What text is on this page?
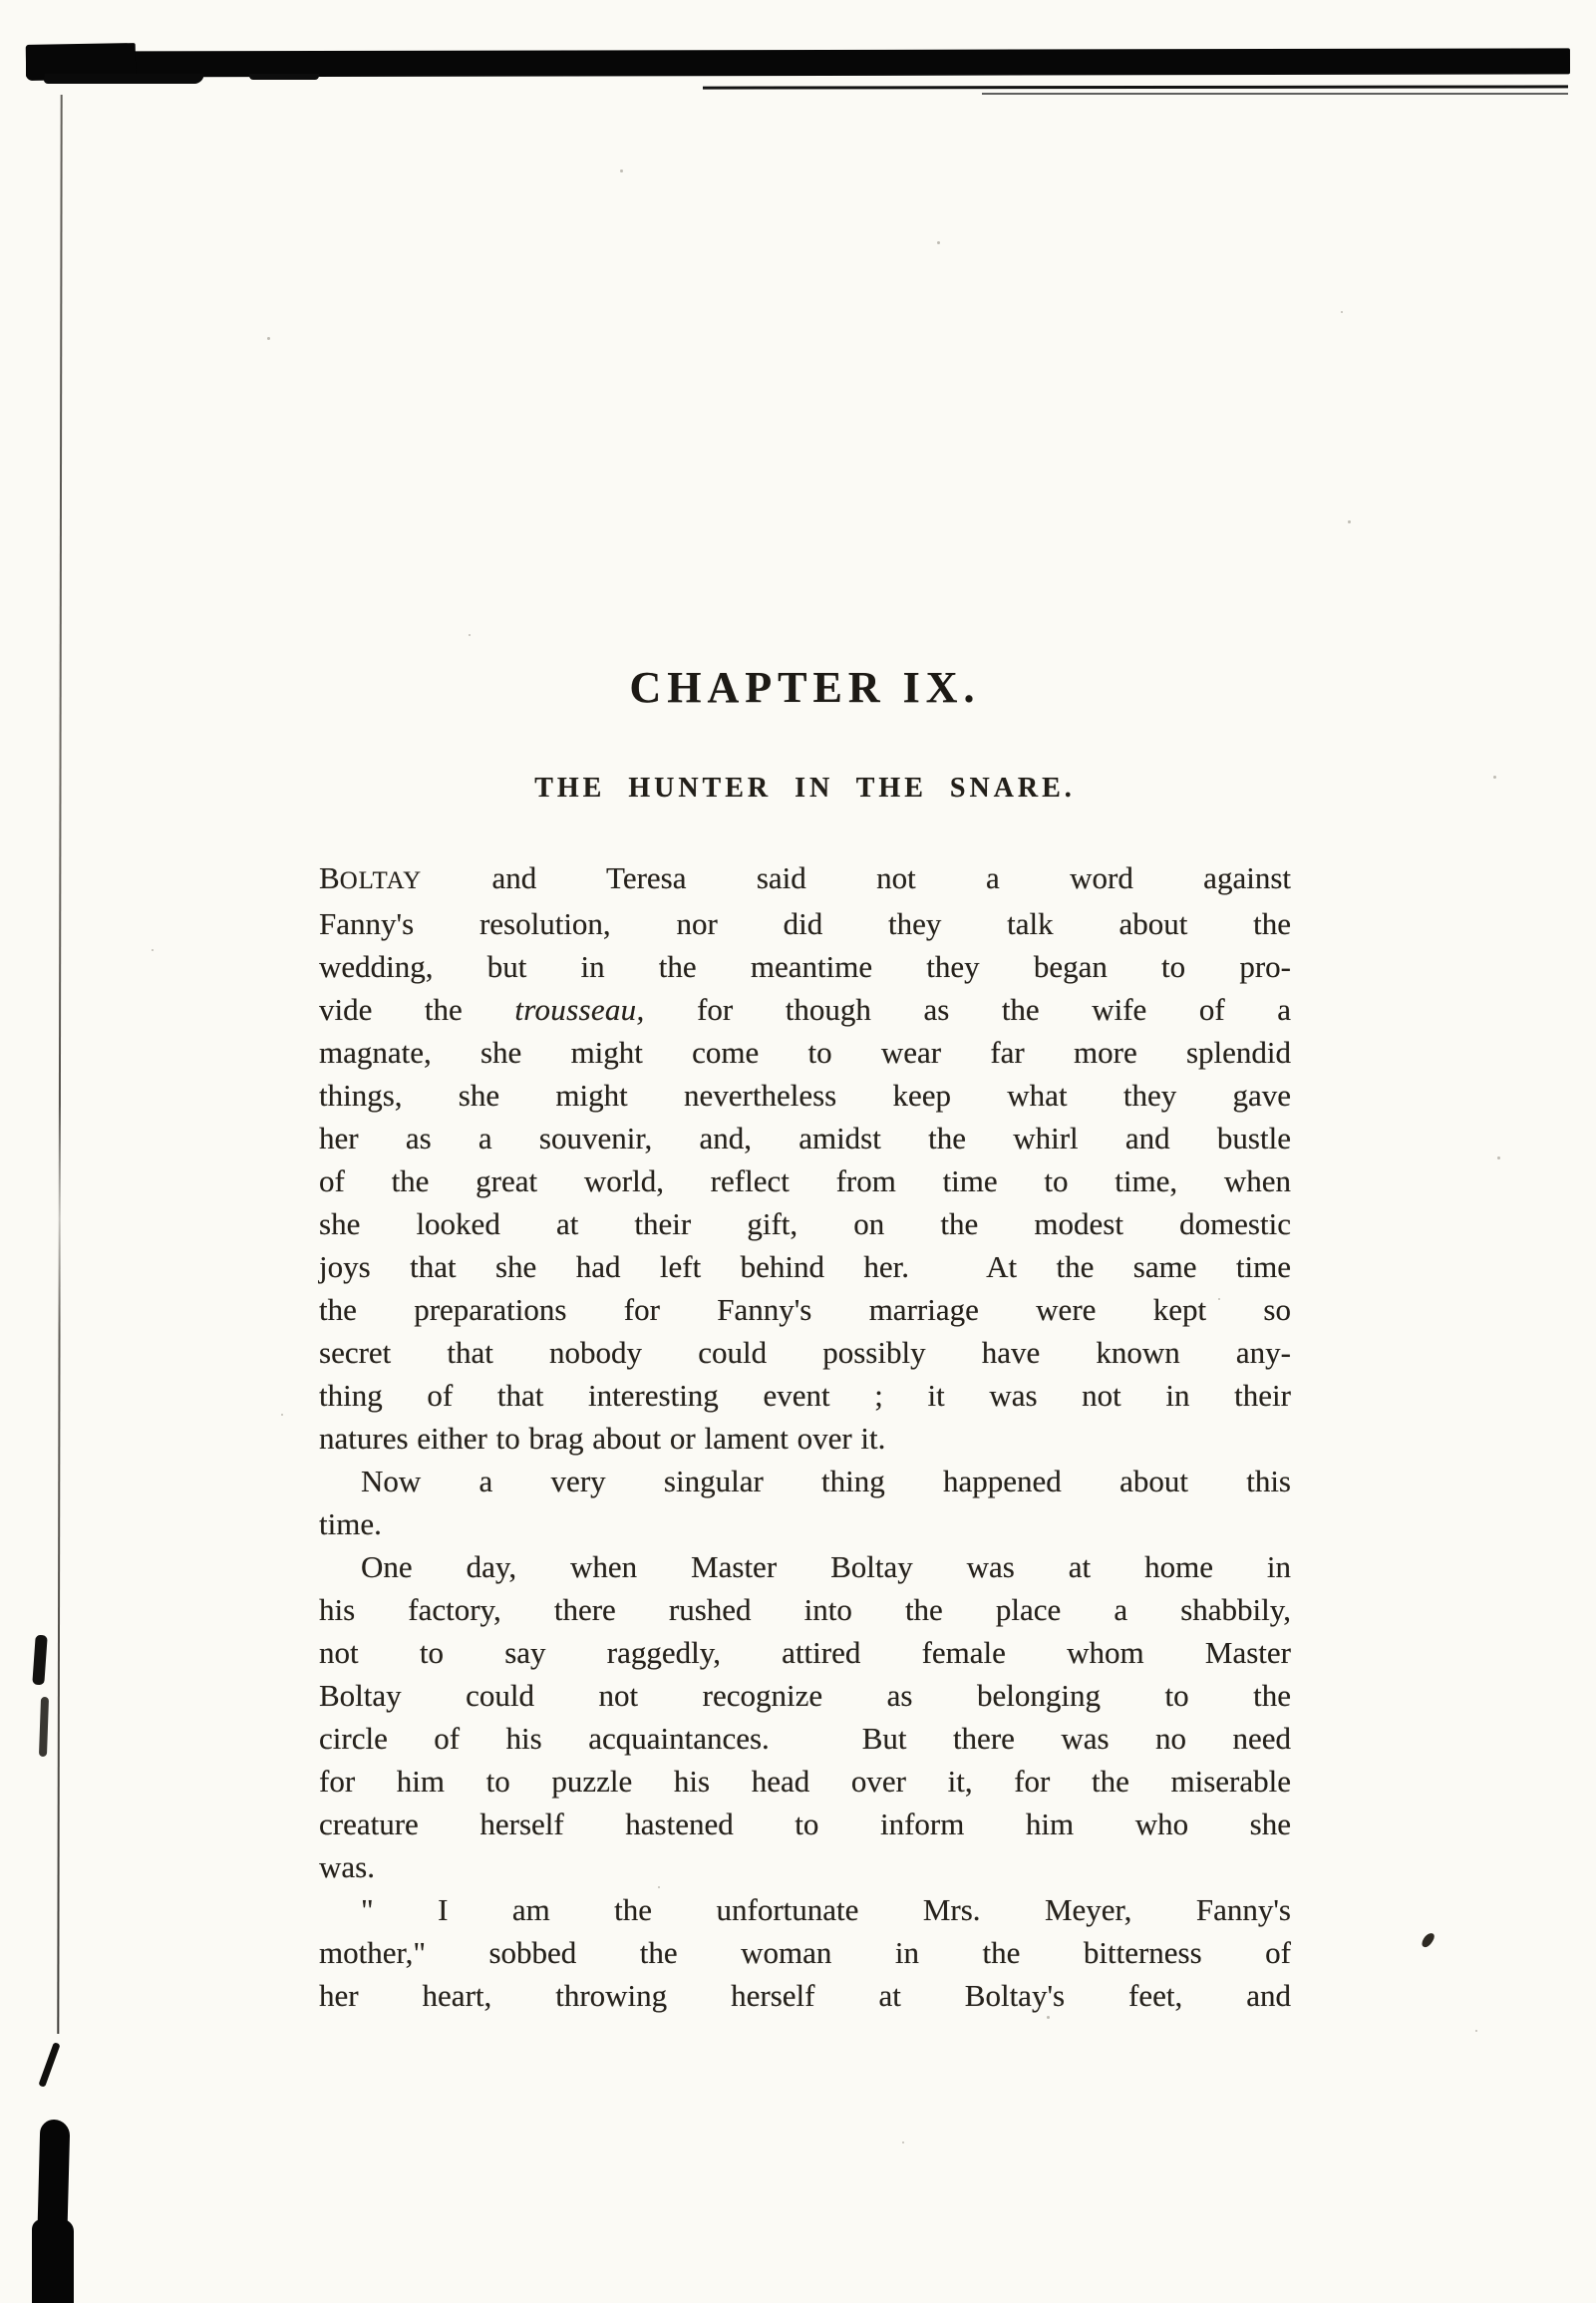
CHAPTER IX.
THE HUNTER IN THE SNARE.
BOLTAY and Teresa said not a word against
Fanny's resolution, nor did they talk about the
wedding, but in the meantime they began to pro-
vide the trousseau, for though as the wife of a
magnate, she might come to wear far more splendid
things, she might nevertheless keep what they gave
her as a souvenir, and, amidst the whirl and bustle
of the great world, reflect from time to time, when
she looked at their gift, on the modest domestic
joys that she had left behind her.  At the same time
the preparations for Fanny's marriage were kept so
secret that nobody could possibly have known any-
thing of that interesting event ; it was not in their
natures either to brag about or lament over it.
Now a very singular thing happened about this
time.
One day, when Master Boltay was at home in
his factory, there rushed into the place a shabbily,
not to say raggedly, attired female whom Master
Boltay could not recognize as belonging to the
circle of his acquaintances.  But there was no need
for him to puzzle his head over it, for the miserable
creature herself hastened to inform him who she
was.
" I am the unfortunate Mrs. Meyer, Fanny's
mother," sobbed the woman in the bitterness of
her heart, throwing herself at Boltay's feet, and
